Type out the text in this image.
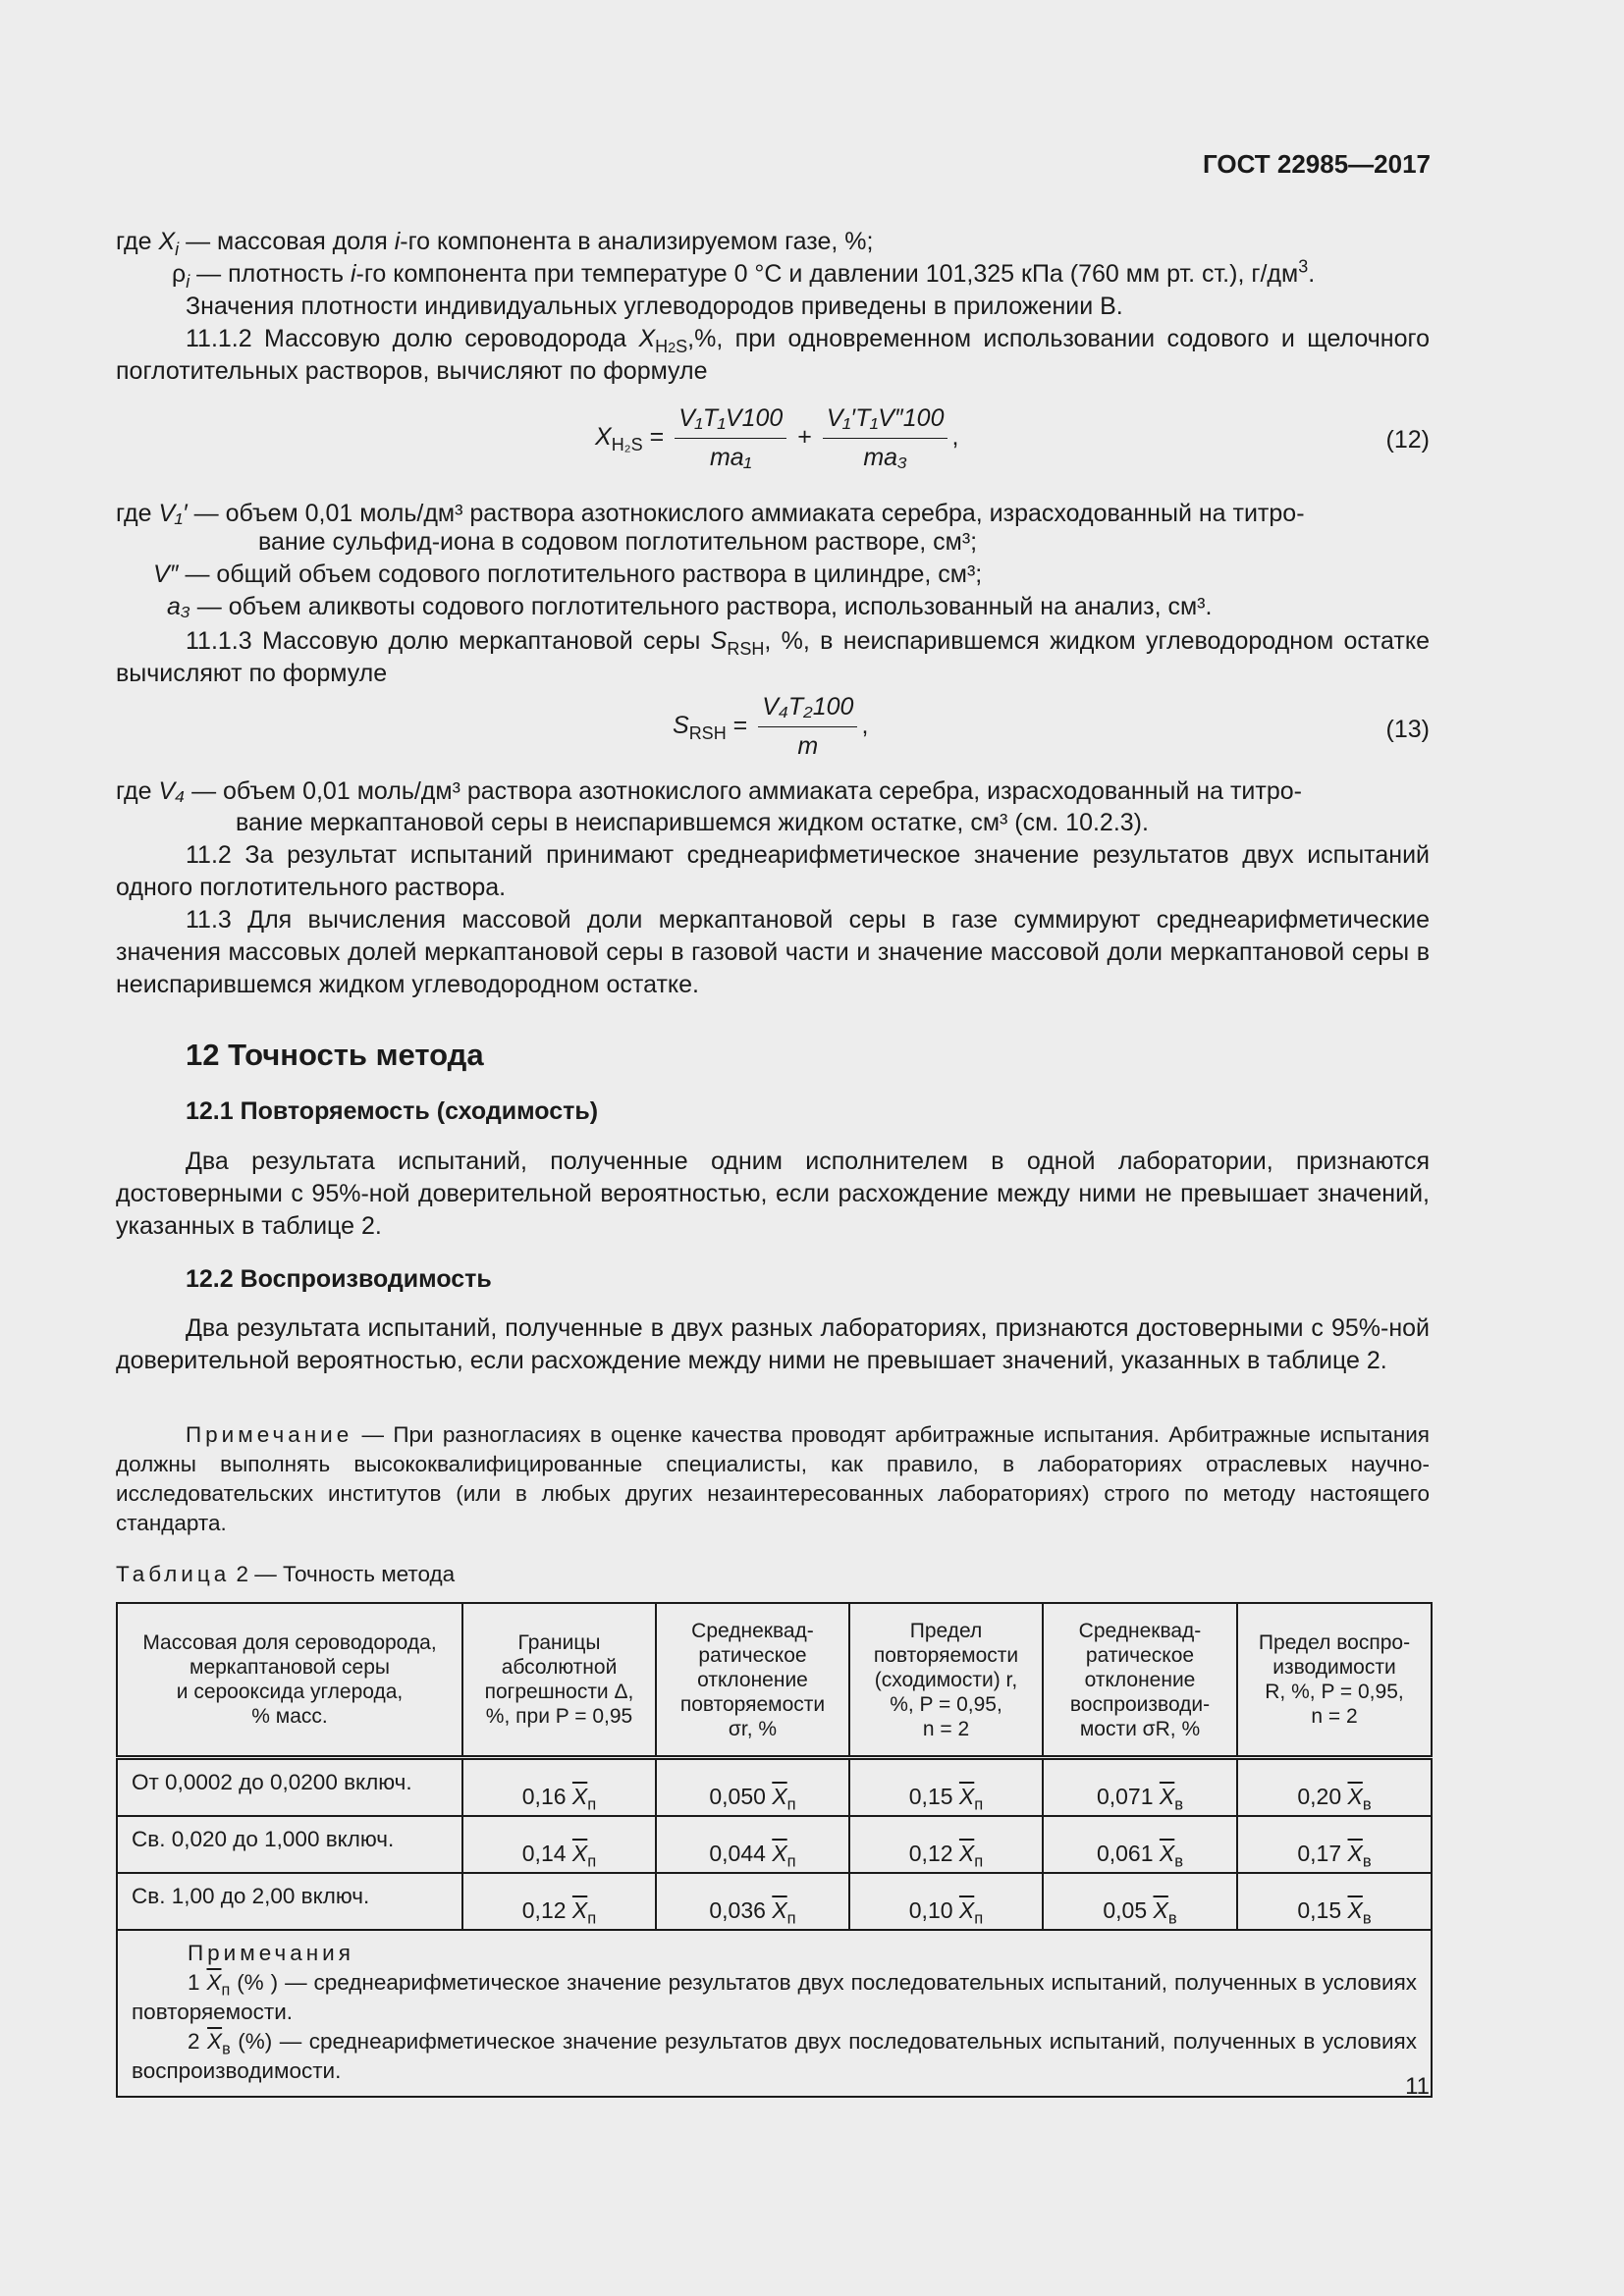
ГОСТ 22985—2017
где $X_i$ — массовая доля i-го компонента в анализируемом газе, %;
$\rho_i$ — плотность i-го компонента при температуре 0 °С и давлении 101,325 кПа (760 мм рт. ст.), $г/дм^3$.
Значения плотности индивидуальных углеводородов приведены в приложении В.
11.1.2 Массовую долю сероводорода $X_{H2S},\%$, при одновременном использовании содового и щелочного поглотительных растворов, вычисляют по формуле
$X_{H_2S} = \frac{\text{V₁T₁V100}}{\text{ma₁}} + \frac{\text{V₁′T₁V″100}}{\text{ma₃}}$ ,	(12)
где V₁′ — объем 0,01 моль/дм³ раствора азотнокислого аммиаката серебра, израсходованный на титро-
вание сульфид-иона в содовом поглотительном растворе, см³;
V″ — общий объем содового поглотительного раствора в цилиндре, см³;
a₃ — объем аликвоты содового поглотительного раствора, использованный на анализ, см³.
11.1.3 Массовую долю меркаптановой серы $S_{RSH}$, %, в неиспарившемся жидком углеводородном остатке вычисляют по формуле
$S_{RSH} = \frac{\text{V₄T₂100}}{m}$ ,	(13)
где V₄ — объем 0,01 моль/дм³ раствора азотнокислого аммиаката серебра, израсходованный на титро-
вание меркаптановой серы в неиспарившемся жидком остатке, см³ (см. 10.2.3).
11.2 За результат испытаний принимают среднеарифметическое значение результатов двух испытаний одного поглотительного раствора.
11.3 Для вычисления массовой доли меркаптановой серы в газе суммируют среднеарифметические значения массовых долей меркаптановой серы в газовой части и значение массовой доли меркаптановой серы в неиспарившемся жидком углеводородном остатке.
12 Точность метода
12.1 Повторяемость (сходимость)
Два результата испытаний, полученные одним исполнителем в одной лаборатории, признаются достоверными с 95%-ной доверительной вероятностью, если расхождение между ними не превышает значений, указанных в таблице 2.
12.2 Воспроизводимость
Два результата испытаний, полученные в двух разных лабораториях, признаются достоверными с 95%-ной доверительной вероятностью, если расхождение между ними не превышает значений, указанных в таблице 2.
Примечание — При разногласиях в оценке качества проводят арбитражные испытания. Арбитражные испытания должны выполнять высококвалифицированные специалисты, как правило, в лабораториях отраслевых научно-исследовательских институтов (или в любых других незаинтересованных лабораториях) строго по методу настоящего стандарта.
Таблица 2 — Точность метода
Массовая доля сероводорода,
меркаптановой серы
и серооксида углерода,
% масс.	Границы
абсолютной
погрешности Δ,
%, при P = 0,95	Среднеквад-
ратическое
отклонение
повторяемости
σr, %	Предел
повторяемости
(сходимости) r,
%, P = 0,95,
n = 2	Среднеквад-
ратическое
отклонение
воспроизводи-
мости σR, %	Предел воспро-
изводимости
R, %, P = 0,95,
n = 2
От 0,0002 до 0,0200 включ.	0,16 $\overline{X}_п$	0,050 $\overline{X}_п$	0,15 $\overline{X}_п$	0,071 $\overline{X}_в$	0,20 $\overline{X}_в$
Св. 0,020 до 1,000 включ.	0,14 $\overline{X}_п$	0,044 $\overline{X}_п$	0,12 $\overline{X}_п$	0,061 $\overline{X}_в$	0,17 $\overline{X}_в$
Св. 1,00 до 2,00 включ.	0,12 $\overline{X}_п$	0,036 $\overline{X}_п$	0,10 $\overline{X}_п$	0,05 $\overline{X}_в$	0,15 $\overline{X}_в$

Примечания
1 $\overline{X}_п$ (% ) — среднеарифметическое значение результатов двух последовательных испытаний, полученных в условиях повторяемости.
2 $\overline{X}_в$ (%) — среднеарифметическое значение результатов двух последовательных испытаний, полученных в условиях воспроизводимости.					
11
